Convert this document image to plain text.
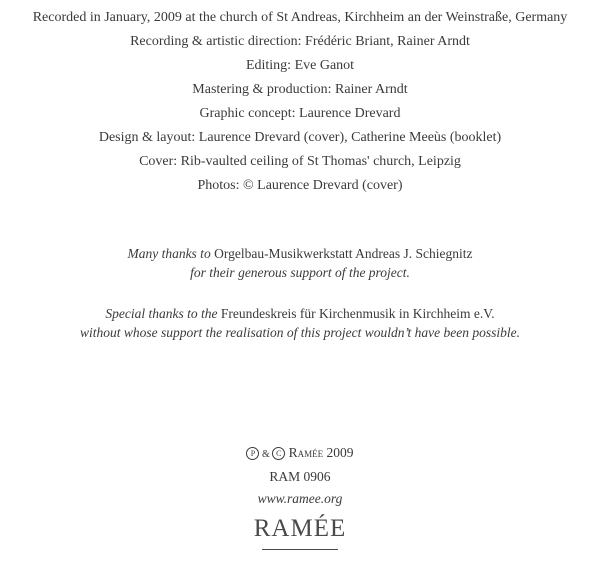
Recorded in January, 2009 at the church of St Andreas, Kirchheim an der Weinstraße, Germany
Recording & artistic direction: Frédéric Briant, Rainer Arndt
Editing: Eve Ganot
Mastering & production: Rainer Arndt
Graphic concept: Laurence Drevard
Design & layout: Laurence Drevard (cover), Catherine Meeùs (booklet)
Cover: Rib-vaulted ceiling of St Thomas' church, Leipzig
Photos: © Laurence Drevard (cover)
Many thanks to Orgelbau-Musikwerkstatt Andreas J. Schiegnitz
for their generous support of the project.
Special thanks to the Freundeskreis für Kirchenmusik in Kirchheim e.V.
without whose support the realisation of this project wouldn’t have been possible.
P & C Ramée 2009
RAM 0906
www.ramee.org
RAMÉE
